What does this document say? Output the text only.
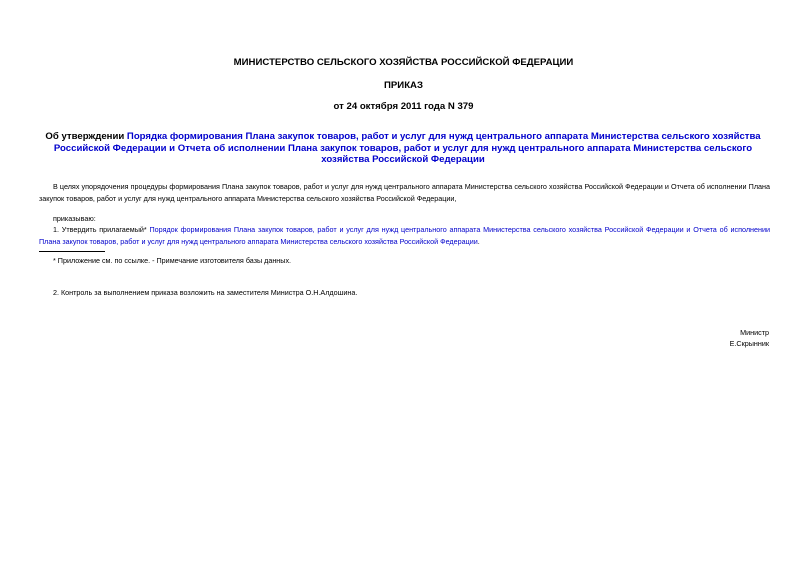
МИНИСТЕРСТВО СЕЛЬСКОГО ХОЗЯЙСТВА РОССИЙСКОЙ ФЕДЕРАЦИИ
ПРИКАЗ
от 24 октября 2011 года N 379
Об утверждении Порядка формирования Плана закупок товаров, работ и услуг для нужд центрального аппарата Министерства сельского хозяйства Российской Федерации и Отчета об исполнении Плана закупок товаров, работ и услуг для нужд центрального аппарата Министерства сельского хозяйства Российской Федерации
В целях упорядочения процедуры формирования Плана закупок товаров, работ и услуг для нужд центрального аппарата Министерства сельского хозяйства Российской Федерации и Отчета об исполнении Плана закупок товаров, работ и услуг для нужд центрального аппарата Министерства сельского хозяйства Российской Федерации,
приказываю:
1. Утвердить прилагаемый* Порядок формирования Плана закупок товаров, работ и услуг для нужд центрального аппарата Министерства сельского хозяйства Российской Федерации и Отчета об исполнении Плана закупок товаров, работ и услуг для нужд центрального аппарата Министерства сельского хозяйства Российской Федерации.
* Приложение см. по ссылке. - Примечание изготовителя базы данных.
2. Контроль за выполнением приказа возложить на заместителя Министра О.Н.Алдошина.
Министр
Е.Скрынник
